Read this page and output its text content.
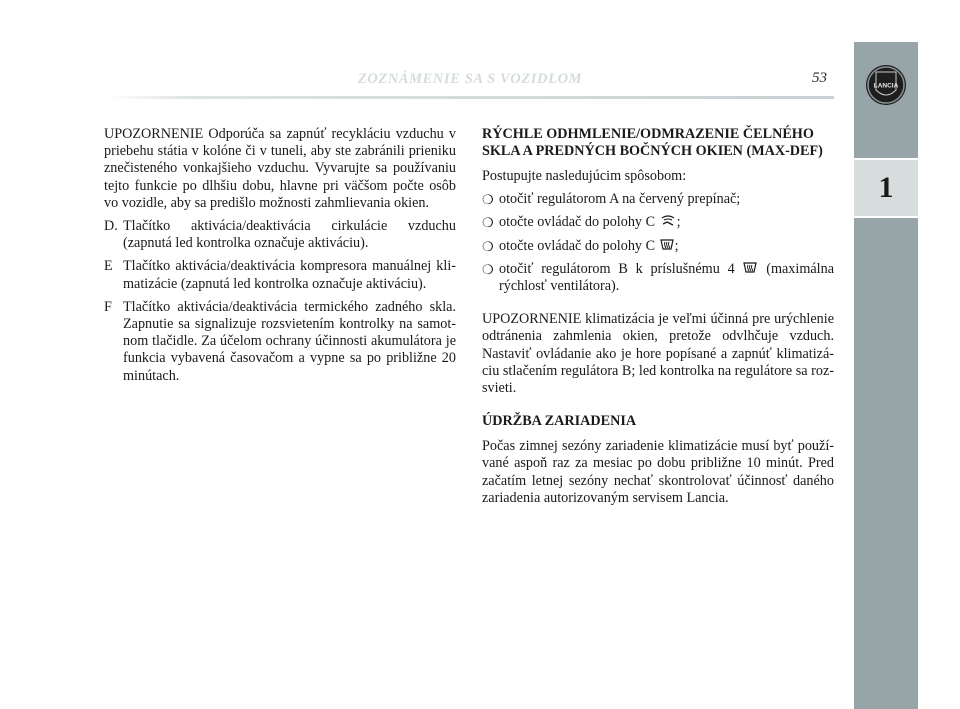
ZOZNÁMENIE SA S VOZIDLOM	53	LANCIA
1

UPOZORNENIE Odporúča sa zapnúť recykláciu vzduchu v priebehu státia v kolóne či v tuneli, aby ste zabránili prieniku znečisteného vonkajšieho vzduchu. Vyvarujte sa používaniu tejto funkcie po dlhšiu dobu, hlavne pri väčšom počte osôb vo vozidle, aby sa predišlo možnosti zahmlievania okien.

D. Tlačítko aktivácia/deaktivácia cirkulácie vzduchu (zapnutá led kontrolka označuje aktiváciu).
E Tlačítko aktivácia/deaktivácia kompresora manuálnej klimatizácie (zapnutá led kontrolka označuje aktiváciu).
F Tlačítko aktivácia/deaktivácia termického zadného skla. Zapnutie sa signalizuje rozsvietením kontrolky na samotnom tlačidle. Za účelom ochrany účinnosti akumulátora je funkcia vybavená časovačom a vypne sa po približne 20 minútach.
RÝCHLE ODHMLENIE/ODMRAZENIE ČELNÉHO SKLA A PREDNÝCH BOČNÝCH OKIEN (MAX-DEF)

Postupujte nasledujúcim spôsobom:

❍ otočiť regulátorom A na červený prepínač;
❍ otočte ovládač do polohy C ;
❍ otočte ovládač do polohy C ;
❍ otočiť regulátorom B k príslušnému 4  (maximálna rýchlosť ventilátora).

UPOZORNENIE klimatizácia je veľmi účinná pre urýchlenie odtránenia zahmlenia okien, pretože odvlhčuje vzduch. Nastaviť ovládanie ako je hore popísané a zapnúť klimatizáciu stlačením regulátora B; led kontrolka na regulátore sa rozsvieti.

ÚDRŽBA ZARIADENIA

Počas zimnej sezóny zariadenie klimatizácie musí byť používané aspoň raz za mesiac po dobu približne 10 minút. Pred začatím letnej sezóny nechať skontrolovať účinnosť daného zariadenia autorizovaným servisem Lancia.
